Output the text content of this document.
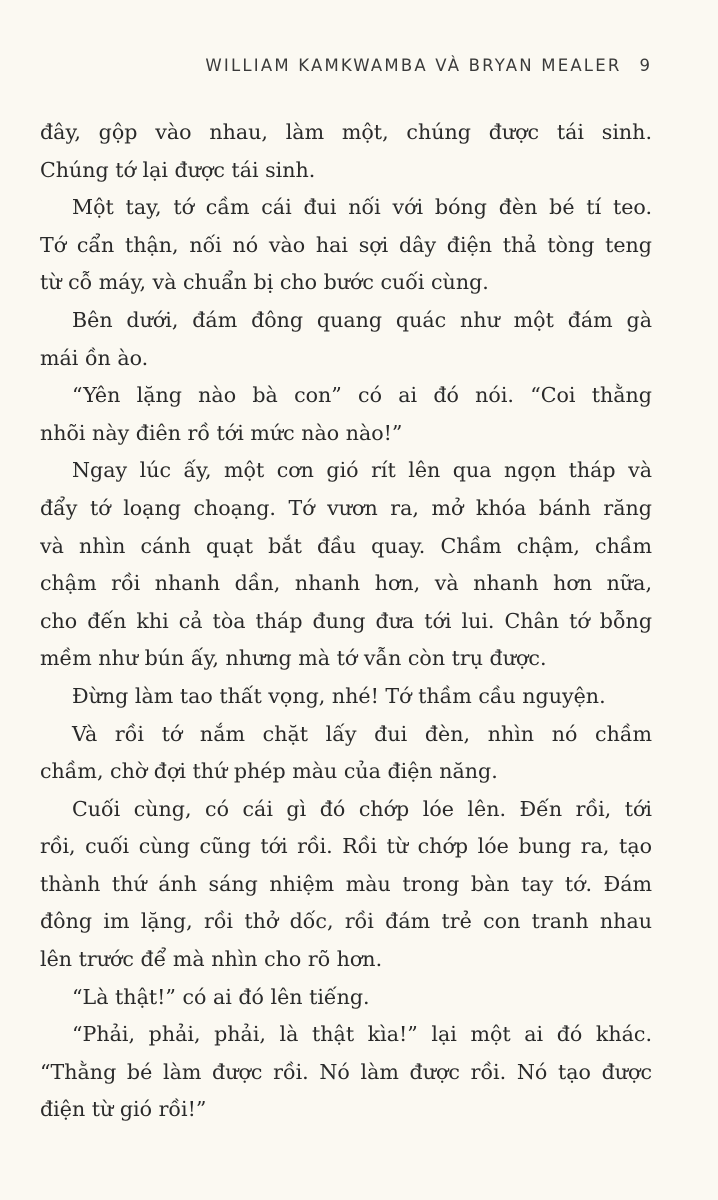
WILLIAM KAMKWAMBA VÀ BRYAN MEALER 9
đây, gộp vào nhau, làm một, chúng được tái sinh.
Chúng tớ lại được tái sinh.
Một tay, tớ cầm cái đui nối với bóng đèn bé tí teo.
Tớ cẩn thận, nối nó vào hai sợi dây điện thả tòng teng
từ cỗ máy, và chuẩn bị cho bước cuối cùng.
Bên dưới, đám đông quang quác như một đám gà
mái ồn ào.
“Yên lặng nào bà con” có ai đó nói. “Coi thằng
nhõi này điên rồ tới mức nào nào!”
Ngay lúc ấy, một cơn gió rít lên qua ngọn tháp và
đẩy tớ loạng choạng. Tớ vươn ra, mở khóa bánh răng
và nhìn cánh quạt bắt đầu quay. Chầm chậm, chầm
chậm rồi nhanh dần, nhanh hơn, và nhanh hơn nữa,
cho đến khi cả tòa tháp đung đưa tới lui. Chân tớ bỗng
mềm như bún ấy, nhưng mà tớ vẫn còn trụ được.
Đừng làm tao thất vọng, nhé! Tớ thầm cầu nguyện.
Và rồi tớ nắm chặt lấy đui đèn, nhìn nó chầm
chầm, chờ đợi thứ phép màu của điện năng.
Cuối cùng, có cái gì đó chớp lóe lên. Đến rồi, tới
rồi, cuối cùng cũng tới rồi. Rồi từ chớp lóe bung ra, tạo
thành thứ ánh sáng nhiệm màu trong bàn tay tớ. Đám
đông im lặng, rồi thở dốc, rồi đám trẻ con tranh nhau
lên trước để mà nhìn cho rõ hơn.
“Là thật!” có ai đó lên tiếng.
“Phải, phải, phải, là thật kìa!” lại một ai đó khác.
“Thằng bé làm được rồi. Nó làm được rồi. Nó tạo được
điện từ gió rồi!”
